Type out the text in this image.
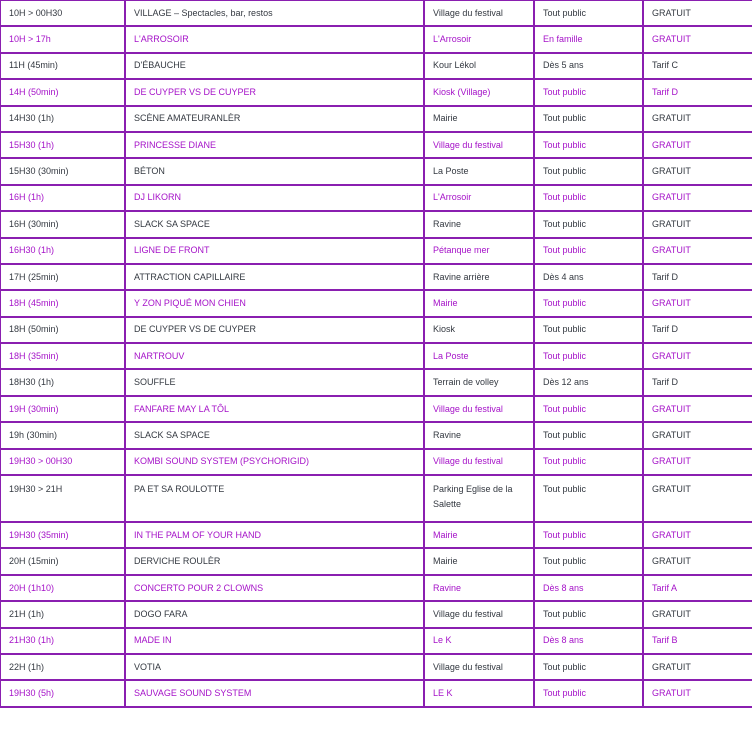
10H > 00H30	VILLAGE – Spectacles, bar, restos	Village du festival	Tout public	GRATUIT
10H > 17h	L'ARROSOIR	L'Arrosoir	En famille	GRATUIT
11H (45min)	D'ÉBAUCHE	Kour Lékol	Dès 5 ans	Tarif C
14H (50min)	DE CUYPER VS DE CUYPER	Kiosk (Village)	Tout public	Tarif D
14H30 (1h)	SCÈNE AMATEURANLÈR	Mairie	Tout public	GRATUIT
15H30 (1h)	PRINCESSE DIANE	Village du festival	Tout public	GRATUIT
15H30 (30min)	BÉTON	La Poste	Tout public	GRATUIT
16H (1h)	DJ LIKORN	L'Arrosoir	Tout public	GRATUIT
16H (30min)	SLACK SA SPACE	Ravine	Tout public	GRATUIT
16H30 (1h)	LIGNE DE FRONT	Pétanque mer	Tout public	GRATUIT
17H (25min)	ATTRACTION CAPILLAIRE	Ravine arrière	Dès 4 ans	Tarif D
18H (45min)	Y ZON PIQUÉ MON CHIEN	Mairie	Tout public	GRATUIT
18H (50min)	DE CUYPER VS DE CUYPER	Kiosk	Tout public	Tarif D
18H (35min)	NARTROUV	La Poste	Tout public	GRATUIT
18H30 (1h)	SOUFFLE	Terrain de volley	Dès 12 ans	Tarif D
19H (30min)	FANFARE MAY LA TÔL	Village du festival	Tout public	GRATUIT
19h (30min)	SLACK SA SPACE	Ravine	Tout public	GRATUIT
19H30 > 00H30	KOMBI SOUND SYSTEM (PSYCHORIGID)	Village du festival	Tout public	GRATUIT
19H30 > 21H	PA ET SA ROULOTTE	Parking Eglise de la Salette	Tout public	GRATUIT
19H30 (35min)	IN THE PALM OF YOUR HAND	Mairie	Tout public	GRATUIT
20H (15min)	DERVICHE ROULÈR	Mairie	Tout public	GRATUIT
20H (1h10)	CONCERTO POUR 2 CLOWNS	Ravine	Dès 8 ans	Tarif A
21H (1h)	DOGO FARA	Village du festival	Tout public	GRATUIT
21H30 (1h)	MADE IN	Le K	Dès 8 ans	Tarif B
22H (1h)	VOTIA	Village du festival	Tout public	GRATUIT
19H30 (5h)	SAUVAGE SOUND SYSTEM	LE K	Tout public	GRATUIT
